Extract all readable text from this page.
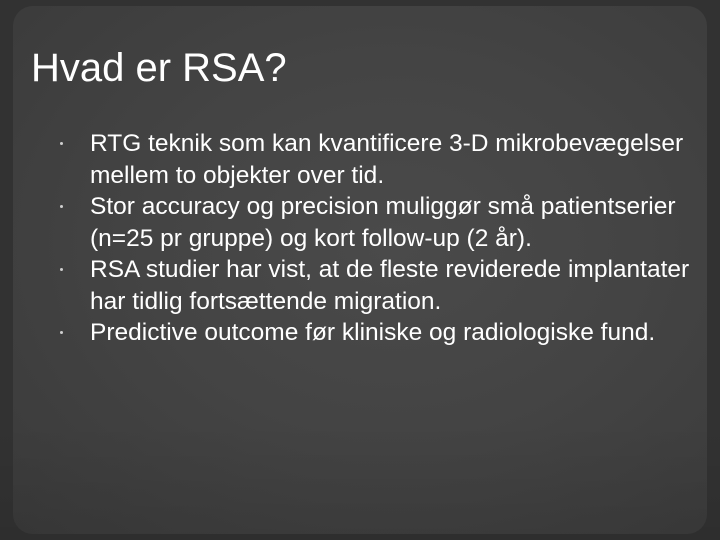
Hvad er RSA?
RTG teknik som kan kvantificere 3-D mikrobevægelser mellem to objekter over tid.
Stor accuracy og precision muliggør små patientserier (n=25 pr gruppe) og kort follow-up (2 år).
RSA studier har vist, at de fleste reviderede implantater har tidlig fortsættende migration.
Predictive outcome før kliniske og radiologiske fund.
